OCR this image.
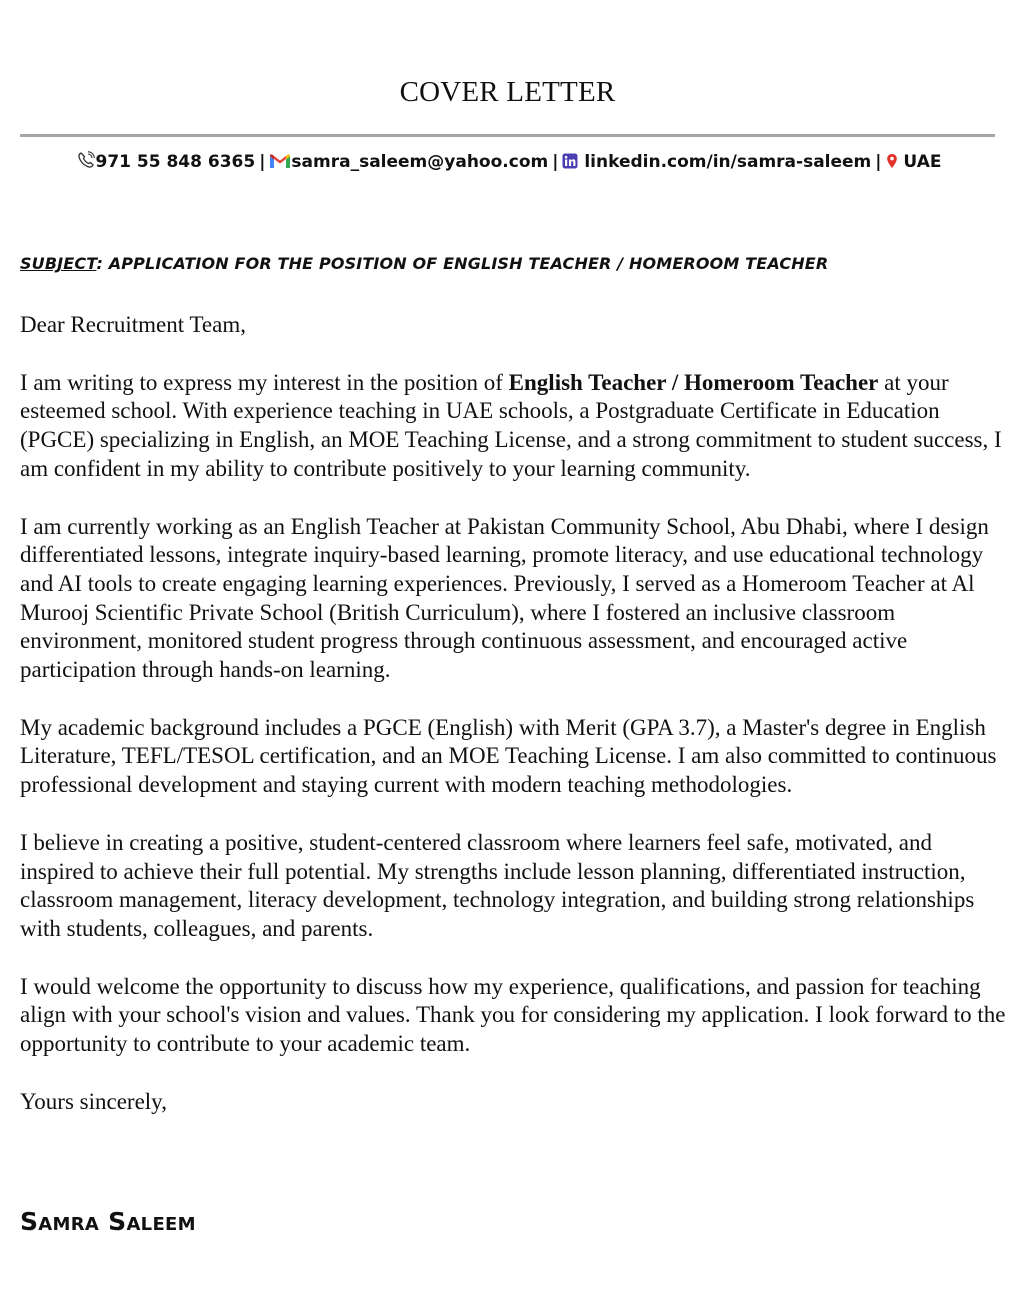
COVER LETTER
971 55 848 6365 | samra_saleem@yahoo.com | linkedin.com/in/samra-saleem | UAE
SUBJECT: APPLICATION FOR THE POSITION OF ENGLISH TEACHER / HOMEROOM TEACHER

Dear Recruitment Team,

I am writing to express my interest in the position of English Teacher / Homeroom Teacher at your esteemed school. With experience teaching in UAE schools, a Postgraduate Certificate in Education (PGCE) specializing in English, an MOE Teaching License, and a strong commitment to student success, I am confident in my ability to contribute positively to your learning community.

I am currently working as an English Teacher at Pakistan Community School, Abu Dhabi, where I design differentiated lessons, integrate inquiry-based learning, promote literacy, and use educational technology and AI tools to create engaging learning experiences. Previously, I served as a Homeroom Teacher at Al Murooj Scientific Private School (British Curriculum), where I fostered an inclusive classroom environment, monitored student progress through continuous assessment, and encouraged active participation through hands-on learning.

My academic background includes a PGCE (English) with Merit (GPA 3.7), a Master's degree in English Literature, TEFL/TESOL certification, and an MOE Teaching License. I am also committed to continuous professional development and staying current with modern teaching methodologies.

I believe in creating a positive, student-centered classroom where learners feel safe, motivated, and inspired to achieve their full potential. My strengths include lesson planning, differentiated instruction, classroom management, literacy development, technology integration, and building strong relationships with students, colleagues, and parents.

I would welcome the opportunity to discuss how my experience, qualifications, and passion for teaching align with your school's vision and values. Thank you for considering my application. I look forward to the opportunity to contribute to your academic team.

Yours sincerely,

Samra Saleem
